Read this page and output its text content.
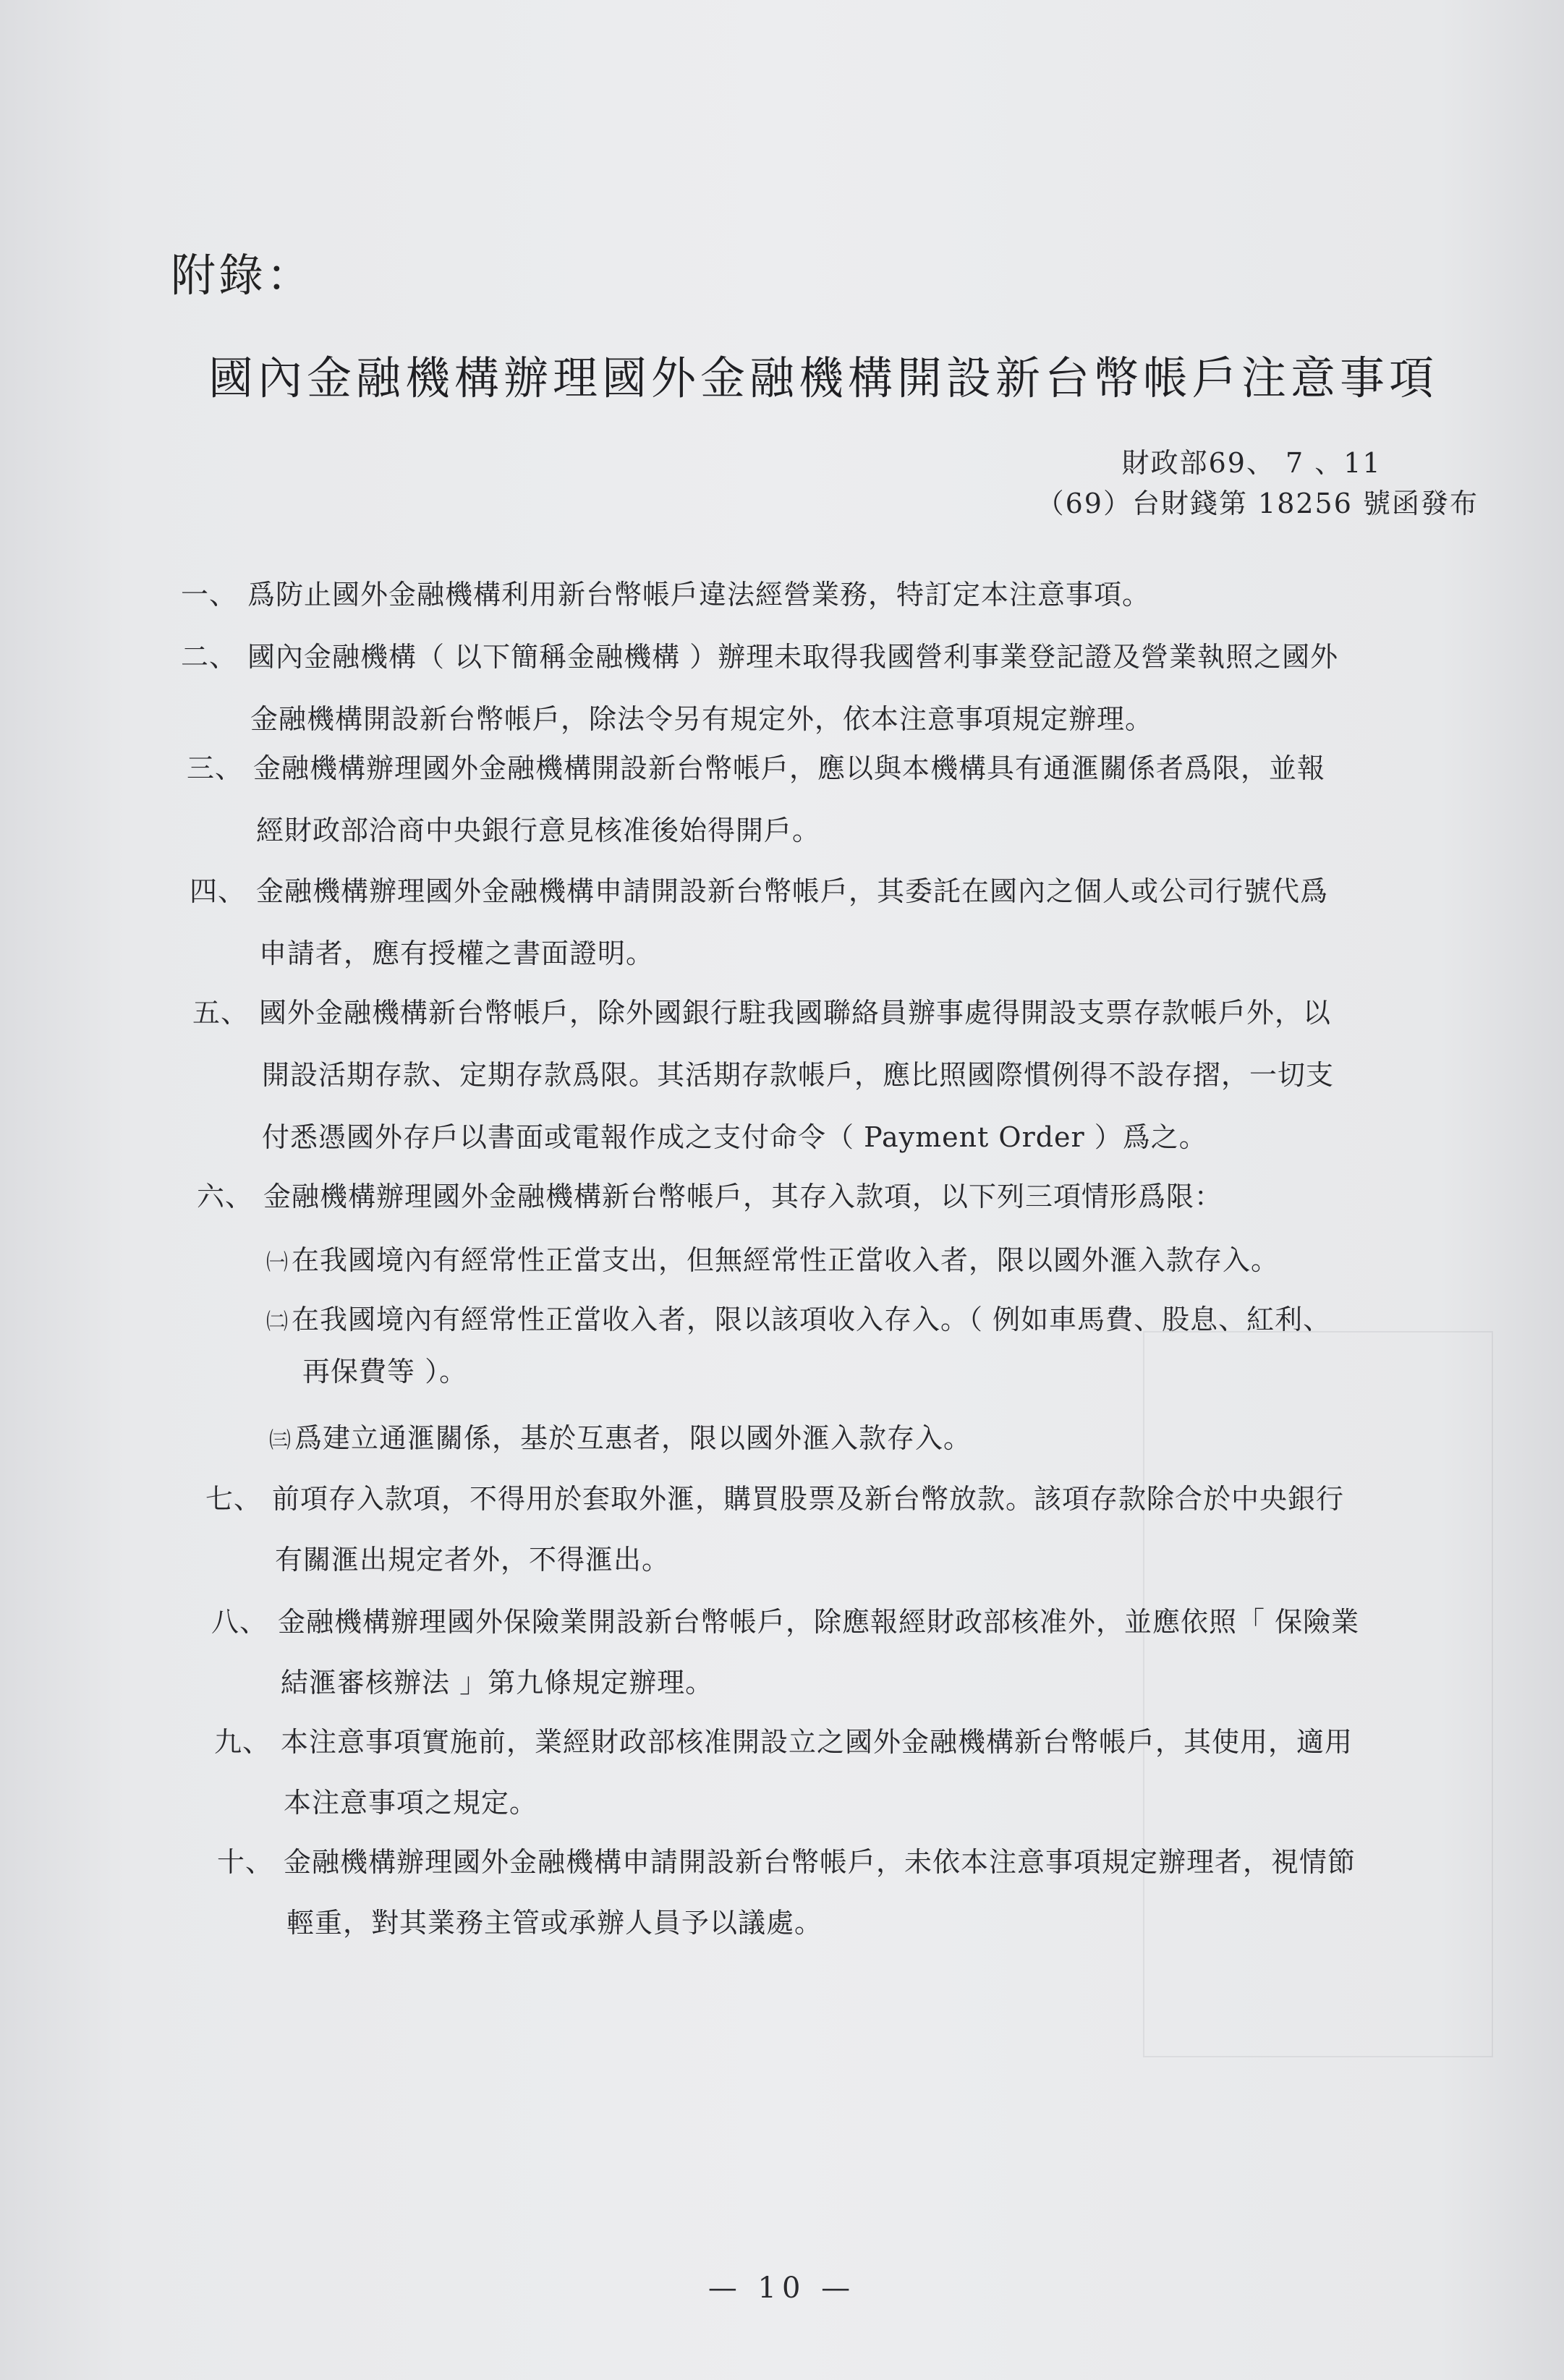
附錄：
國內金融機構辦理國外金融機構開設新台幣帳戶注意事項
財政部69、 7 、11
（69）台財錢第 18256 號函發布
一、 爲防止國外金融機構利用新台幣帳戶違法經營業務，特訂定本注意事項。
二、 國內金融機構（ 以下簡稱金融機構 ）辦理未取得我國營利事業登記證及營業執照之國外
金融機構開設新台幣帳戶，除法令另有規定外，依本注意事項規定辦理。
三、 金融機構辦理國外金融機構開設新台幣帳戶，應以與本機構具有通滙關係者爲限，並報
經財政部洽商中央銀行意見核准後始得開戶。
四、 金融機構辦理國外金融機構申請開設新台幣帳戶，其委託在國內之個人或公司行號代爲
申請者，應有授權之書面證明。
五、 國外金融機構新台幣帳戶，除外國銀行駐我國聯絡員辦事處得開設支票存款帳戶外，以
開設活期存款、定期存款爲限。其活期存款帳戶，應比照國際慣例得不設存摺，一切支
付悉憑國外存戶以書面或電報作成之支付命令（ Payment Order ）爲之。
六、 金融機構辦理國外金融機構新台幣帳戶，其存入款項，以下列三項情形爲限：
㈠ 在我國境內有經常性正當支出，但無經常性正當收入者，限以國外滙入款存入。
㈡ 在我國境內有經常性正當收入者，限以該項收入存入。（ 例如車馬費、股息、紅利、
再保費等 ）。
㈢ 爲建立通滙關係，基於互惠者，限以國外滙入款存入。
七、 前項存入款項，不得用於套取外滙，購買股票及新台幣放款。該項存款除合於中央銀行
有關滙出規定者外，不得滙出。
八、 金融機構辦理國外保險業開設新台幣帳戶，除應報經財政部核准外，並應依照「 保險業
結滙審核辦法 」第九條規定辦理。
九、 本注意事項實施前，業經財政部核准開設立之國外金融機構新台幣帳戶，其使用，適用
本注意事項之規定。
十、 金融機構辦理國外金融機構申請開設新台幣帳戶，未依本注意事項規定辦理者，視情節
輕重，對其業務主管或承辦人員予以議處。
— 10 —
